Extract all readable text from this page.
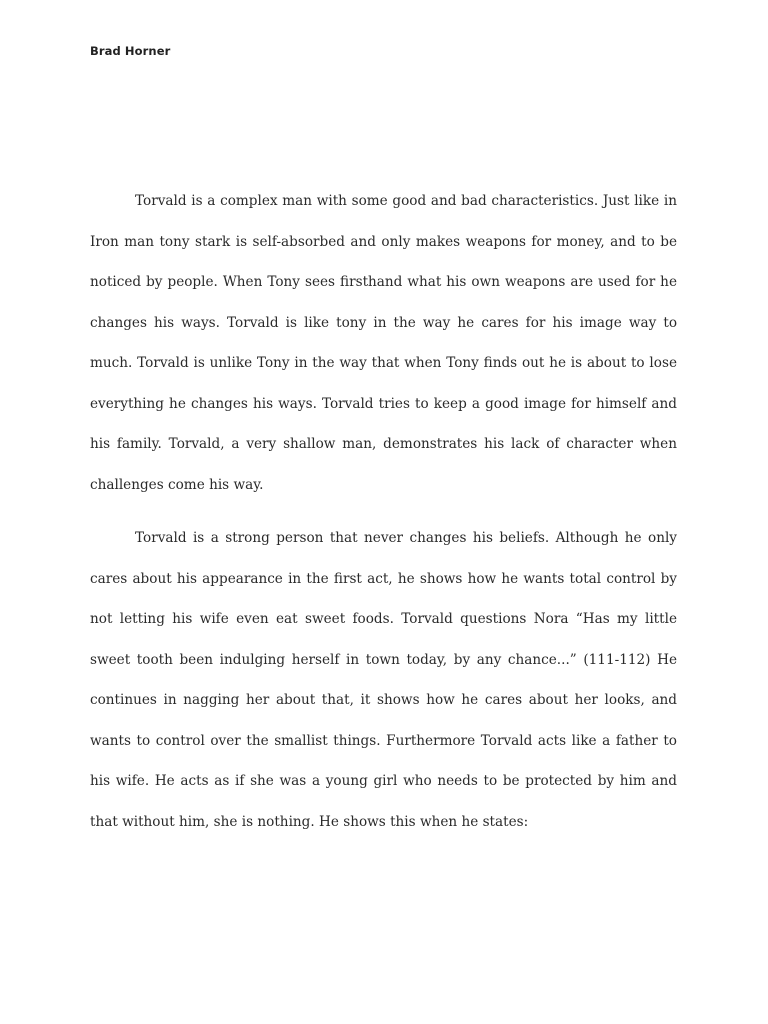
Brad Horner

Torvald is a complex man with some good and bad characteristics. Just like in Iron man tony stark is self-absorbed and only makes weapons for money, and to be noticed by people. When Tony sees firsthand what his own weapons are used for he changes his ways. Torvald is like tony in the way he cares for his image way to much. Torvald is unlike Tony in the way that when Tony finds out he is about to lose everything he changes his ways. Torvald tries to keep a good image for himself and his family. Torvald, a very shallow man, demonstrates his lack of character when challenges come his way.

Torvald is a strong person that never changes his beliefs. Although he only cares about his appearance in the first act, he shows how he wants total control by not letting his wife even eat sweet foods. Torvald questions Nora “Has my little sweet tooth been indulging herself in town today, by any chance...” (111-112) He continues in nagging her about that, it shows how he cares about her looks, and wants to control over the smallist things. Furthermore Torvald acts like a father to his wife. He acts as if she was a young girl who needs to be protected by him and that without him, she is nothing. He shows this when he states:
